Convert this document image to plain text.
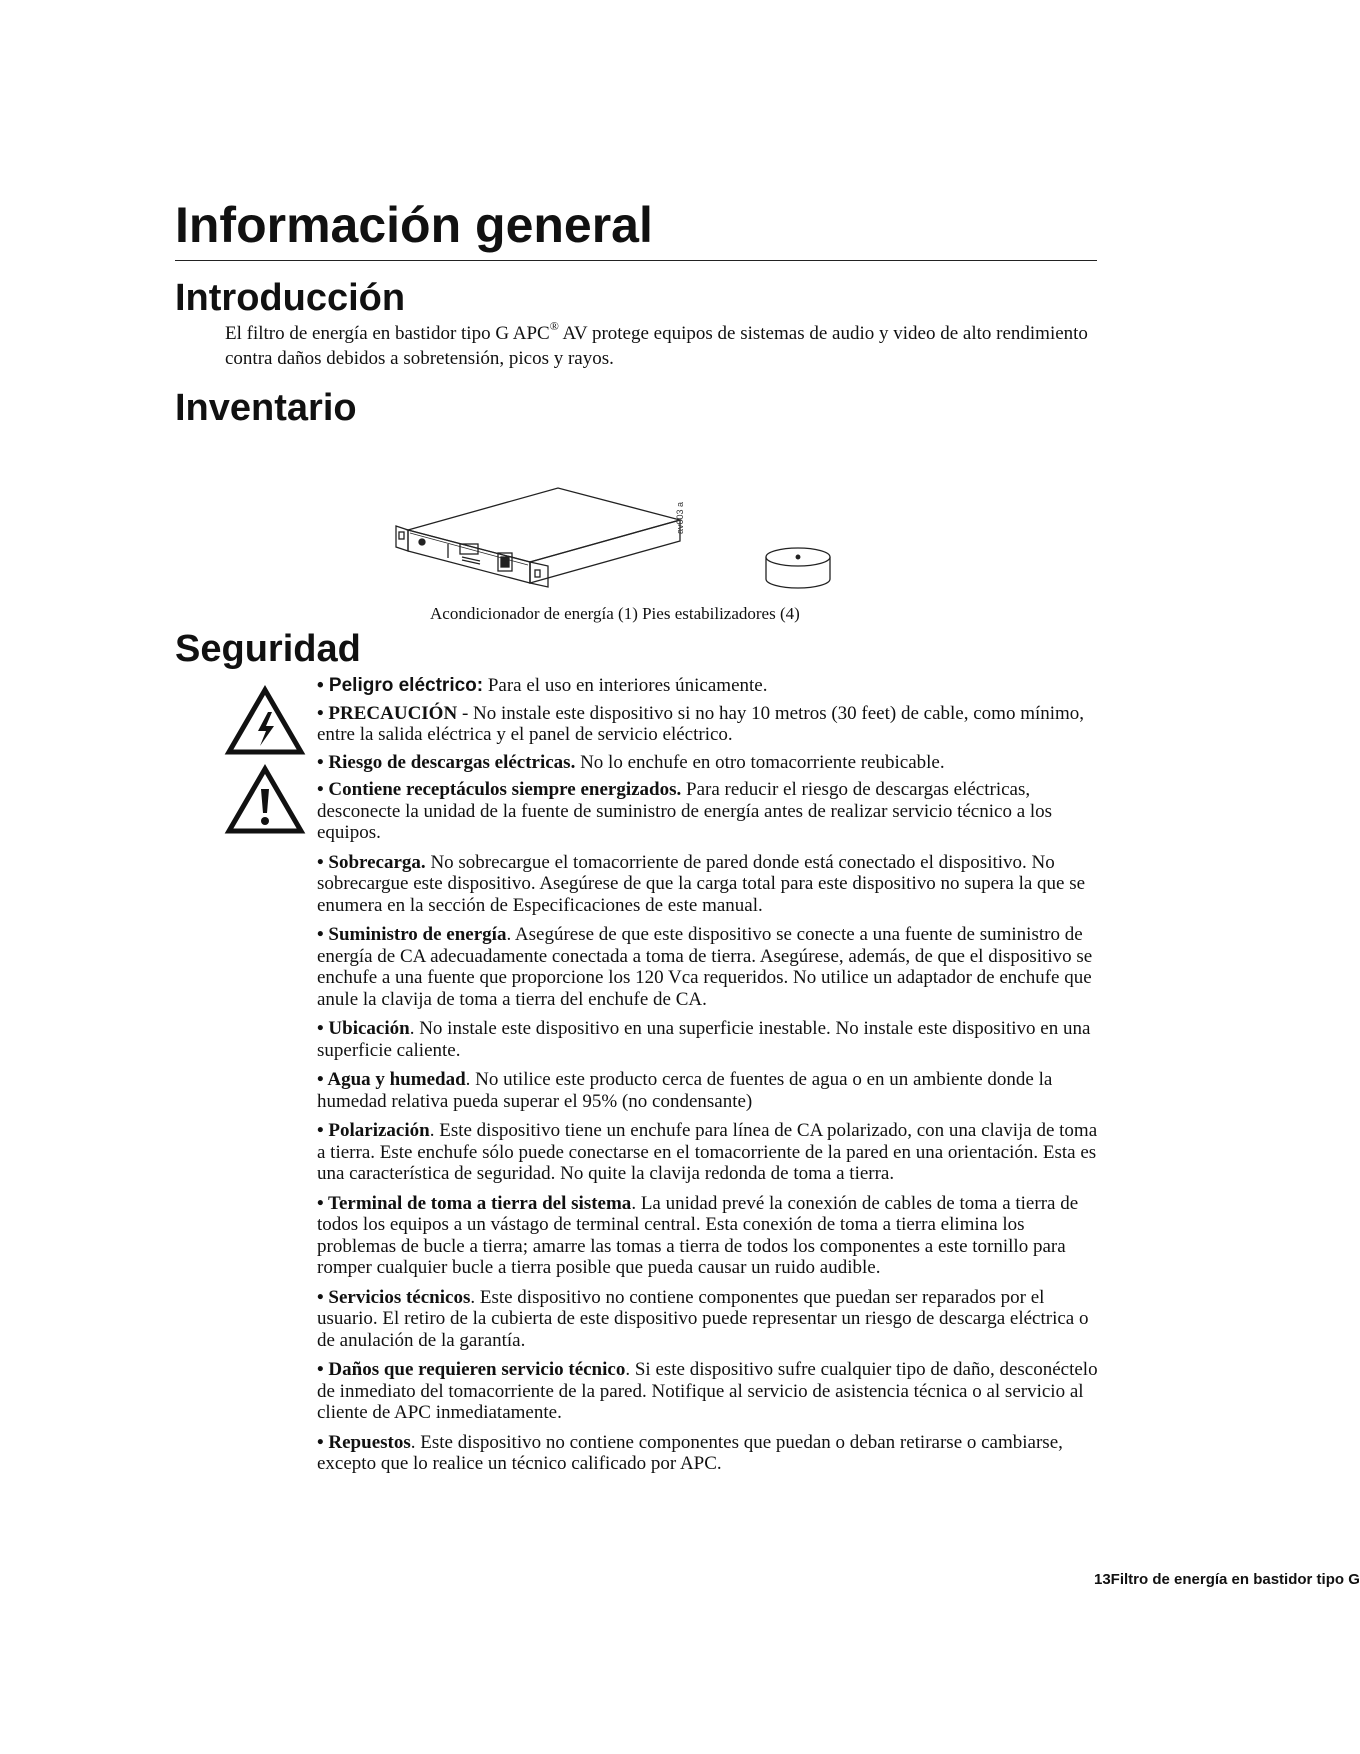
Información general
Introducción

El filtro de energía en bastidor tipo G APC® AV protege equipos de sistemas de audio y video de alto rendimiento contra daños debidos a sobretensión, picos y rayos.

Inventario
av003 a

Acondicionador de energía (1) Pies estabilizadores (4)

Seguridad

• Peligro eléctrico: Para el uso en interiores únicamente.

• PRECAUCIÓN - No instale este dispositivo si no hay 10 metros (30 feet) de cable, como mínimo, entre la salida eléctrica y el panel de servicio eléctrico.

• Riesgo de descargas eléctricas. No lo enchufe en otro tomacorriente reubicable.

• Contiene receptáculos siempre energizados. Para reducir el riesgo de descargas eléctricas, desconecte la unidad de la fuente de suministro de energía antes de realizar servicio técnico a los equipos.

• Sobrecarga. No sobrecargue el tomacorriente de pared donde está conectado el dispositivo. No sobrecargue este dispositivo. Asegúrese de que la carga total para este dispositivo no supera la que se enumera en la sección de Especificaciones de este manual.

• Suministro de energía. Asegúrese de que este dispositivo se conecte a una fuente de suministro de energía de CA adecuadamente conectada a toma de tierra. Asegúrese, además, de que el dispositivo se enchufe a una fuente que proporcione los 120 Vca requeridos. No utilice un adaptador de enchufe que anule la clavija de toma a tierra del enchufe de CA.

• Ubicación. No instale este dispositivo en una superficie inestable. No instale este dispositivo en una superficie caliente.

• Agua y humedad. No utilice este producto cerca de fuentes de agua o en un ambiente donde la humedad relativa pueda superar el 95% (no condensante)

• Polarización. Este dispositivo tiene un enchufe para línea de CA polarizado, con una clavija de toma a tierra. Este enchufe sólo puede conectarse en el tomacorriente de la pared en una orientación. Esta es una característica de seguridad. No quite la clavija redonda de toma a tierra.

• Terminal de toma a tierra del sistema. La unidad prevé la conexión de cables de toma a tierra de todos los equipos a un vástago de terminal central. Esta conexión de toma a tierra elimina los problemas de bucle a tierra; amarre las tomas a tierra de todos los componentes a este tornillo para romper cualquier bucle a tierra posible que pueda causar un ruido audible.

• Servicios técnicos. Este dispositivo no contiene componentes que puedan ser reparados por el usuario. El retiro de la cubierta de este dispositivo puede representar un riesgo de descarga eléctrica o de anulación de la garantía.

• Daños que requieren servicio técnico. Si este dispositivo sufre cualquier tipo de daño, desconéctelo de inmediato del tomacorriente de la pared. Notifique al servicio de asistencia técnica o al servicio al cliente de APC inmediatamente.

• Repuestos. Este dispositivo no contiene componentes que puedan o deban retirarse o cambiarse, excepto que lo realice un técnico calificado por APC.

13Filtro de energía en bastidor tipo G
